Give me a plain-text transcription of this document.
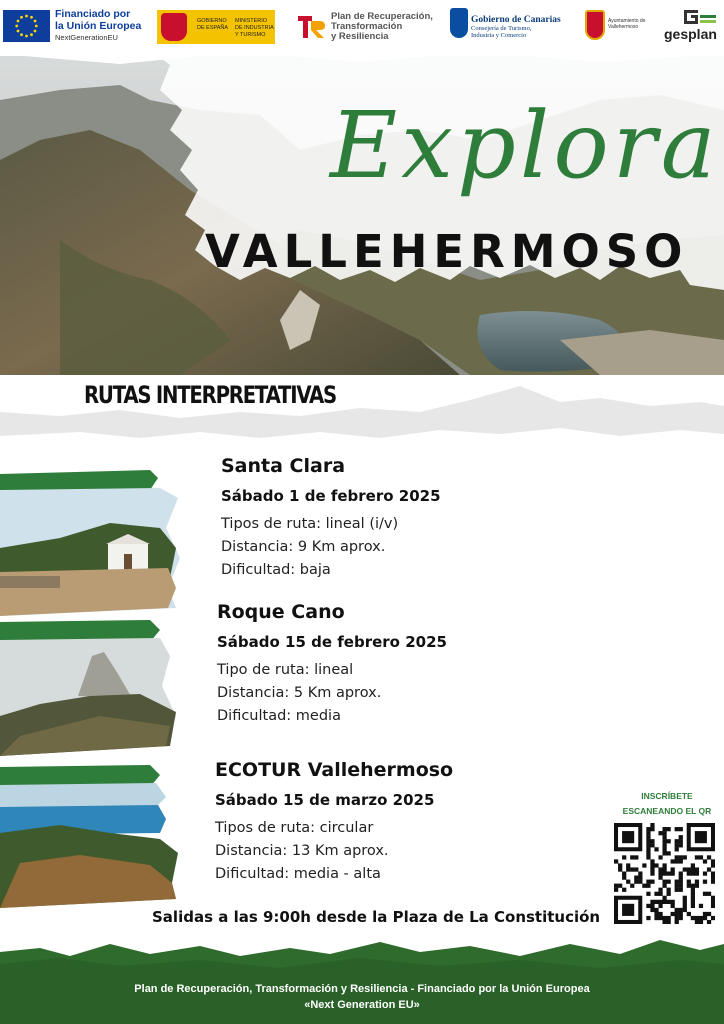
Explora
VALLEHERMOSO
Financiado por
la Unión Europea
NextGenerationEU
GOBIERNO
DE ESPAÑA
MINISTERIO
DE INDUSTRIA
Y TURISMO
Plan de Recuperación,
Transformación
y Resiliencia
Gobierno de Canarias
Consejería de Turismo,
Industria y Comercio
Ayuntamiento de
Vallehermoso	gesplan
RUTAS INTERPRETATIVAS
Santa Clara
Sábado 1 de febrero 2025
Tipos de ruta: lineal (i/v)
Distancia: 9 Km aprox.
Dificultad: baja
Roque Cano
Sábado 15 de febrero 2025
Tipo de ruta: lineal
Distancia: 5 Km aprox.
Dificultad: media
ECOTUR Vallehermoso
Sábado 15 de marzo 2025
Tipos de ruta: circular
Distancia: 13 Km aprox.
Dificultad: media - alta
INSCRÍBETE
ESCANEANDO EL QR
Salidas a las 9:00h desde la Plaza de La Constitución
Plan de Recuperación, Transformación y Resiliencia - Financiado por la Unión Europea
«Next Generation EU»
